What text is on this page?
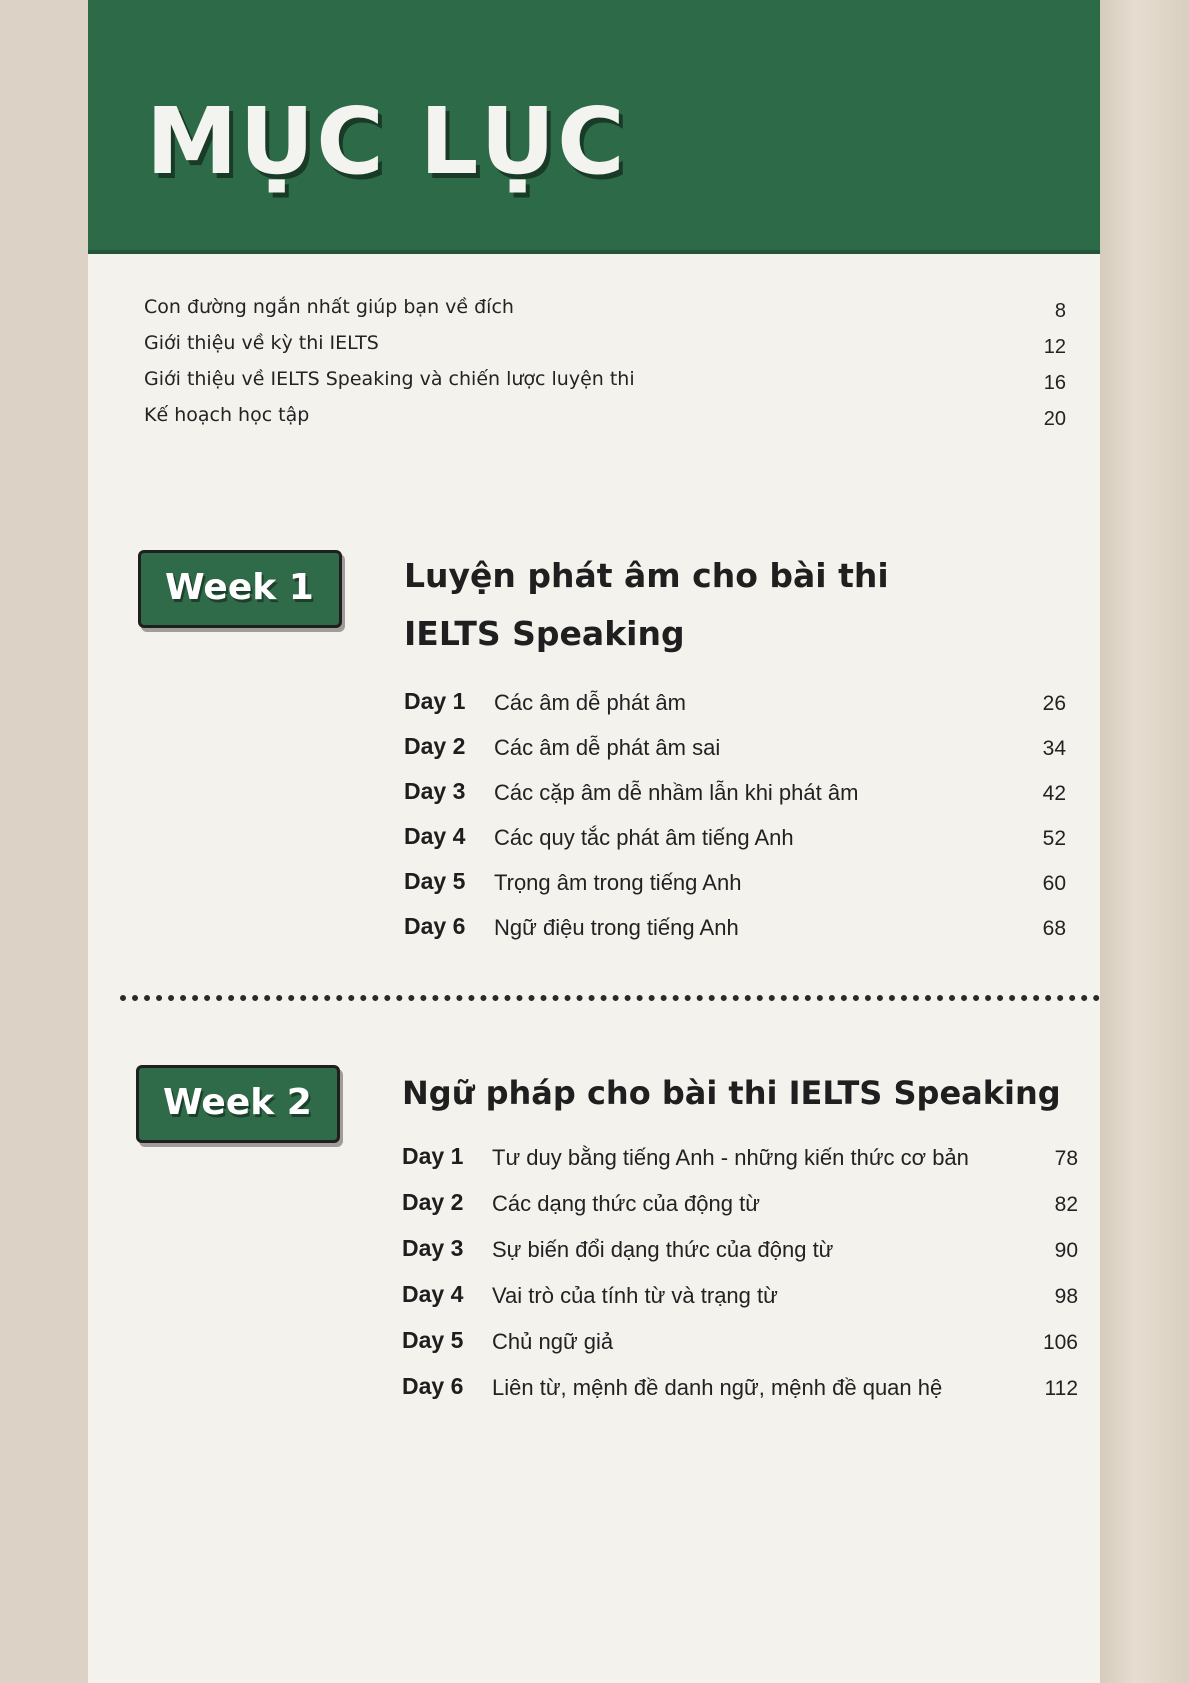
MỤC LỤC
Con đường ngắn nhất giúp bạn về đích	8
Giới thiệu về kỳ thi IELTS	12
Giới thiệu về IELTS Speaking và chiến lược luyện thi	16
Kế hoạch học tập	20
Week 1	Luyện phát âm cho bài thi
IELTS Speaking
Day 1 Các âm dễ phát âm	26
Day 2 Các âm dễ phát âm sai	34
Day 3 Các cặp âm dễ nhầm lẫn khi phát âm	42
Day 4 Các quy tắc phát âm tiếng Anh	52
Day 5 Trọng âm trong tiếng Anh	60
Day 6 Ngữ điệu trong tiếng Anh	68
Week 2	Ngữ pháp cho bài thi IELTS Speaking
Day 1 Tư duy bằng tiếng Anh - những kiến thức cơ bản	78
Day 2 Các dạng thức của động từ	82
Day 3 Sự biến đổi dạng thức của động từ	90
Day 4 Vai trò của tính từ và trạng từ	98
Day 5 Chủ ngữ giả	106
Day 6 Liên từ, mệnh đề danh ngữ, mệnh đề quan hệ	112
